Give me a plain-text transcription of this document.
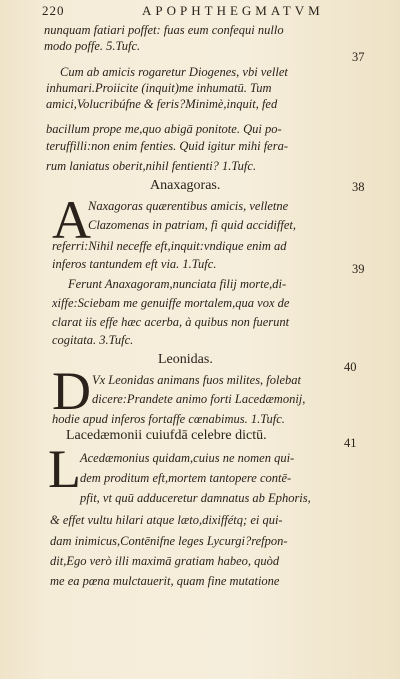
220	APOPHTHEGMATVM
nunquam fatiari poffet: fuas eum confequi nullo
modo poffe. 5.Tufc.
37
Cum ab amicis rogaretur Diogenes, vbi vellet
inhumari.Proiicite (inquit)me inhumatū. Tum
amici,Volucribúfne & feris?Minimè,inquit, fed
bacillum prope me,quo abigā ponitote. Qui po-
teruffilli:non enim fenties. Quid igitur mihi fera-
rum laniatus oberit,nihil fentienti? 1.Tufc.
Anaxagoras.	38
A
Naxagoras quærentibus amicis, velletne
Clazomenas in patriam, fi quid accidiffet,
referri:Nihil neceffe eft,inquit:vndique enim ad
inferos tantundem eft via. 1.Tufc.	39
Ferunt Anaxagoram,nunciata filij morte,di-
xiffe:Sciebam me genuiffe mortalem,qua vox de
clarat iis effe hæc acerba, à quibus non fuerunt
cogitata. 3.Tufc.
Leonidas.	40
D Vx Leonidas animans fuos milites, folebat
dicere:Prandete animo forti Lacedæmonij,
hodie apud inferos fortaffe cœnabimus. 1.Tufc.
Lacedæmonii cuiufdā celebre dictū.	41
L Acedæmonius quidam,cuius ne nomen qui-
dem proditum eft,mortem tantopere contē-
pfit, vt quū adduceretur damnatus ab Ephoris,
& effet vultu hilari atque læto,dixiffétq; ei qui-
dam inimicus,Contēnifne leges Lycurgi?refpon-
dit,Ego verò illi maximā gratiam habeo, quòd
me ea pœna mulctauerit, quam fine mutatione
